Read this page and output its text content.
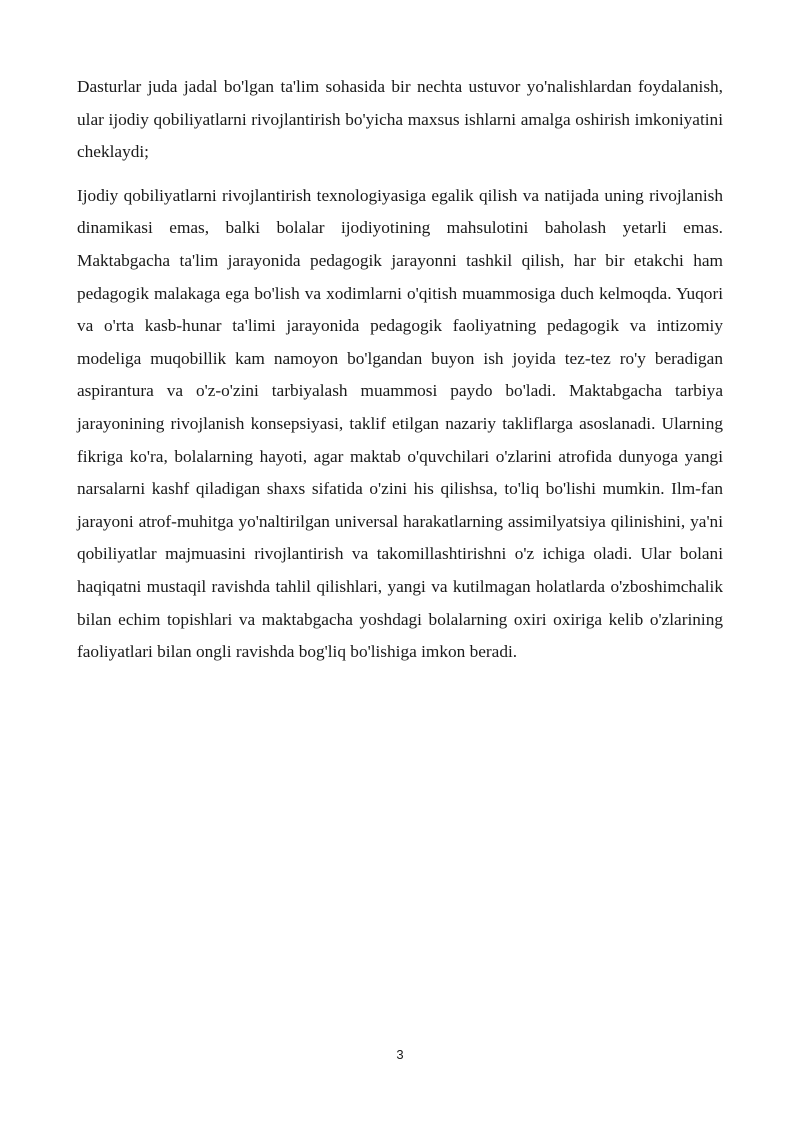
Dasturlar juda jadal bo'lgan ta'lim sohasida bir nechta ustuvor yo'nalishlardan foydalanish, ular ijodiy qobiliyatlarni rivojlantirish bo'yicha maxsus ishlarni amalga oshirish imkoniyatini cheklaydi;

Ijodiy qobiliyatlarni rivojlantirish texnologiyasiga egalik qilish va natijada uning rivojlanish dinamikasi emas, balki bolalar ijodiyotining mahsulotini baholash yetarli emas.  Maktabgacha ta'lim jarayonida pedagogik jarayonni tashkil qilish, har bir etakchi ham pedagogik malakaga ega bo'lish va xodimlarni o'qitish muammosiga duch kelmoqda. Yuqori va o'rta kasb-hunar ta'limi jarayonida pedagogik faoliyatning pedagogik va intizomiy modeliga muqobillik kam namoyon bo'lgandan buyon ish joyida tez-tez ro'y beradigan aspirantura va o'z-o'zini tarbiyalash muammosi paydo bo'ladi. Maktabgacha tarbiya jarayonining rivojlanish konsepsiyasi, taklif etilgan nazariy takliflarga asoslanadi. Ularning fikriga ko'ra, bolalarning hayoti, agar maktab o'quvchilari o'zlarini atrofida dunyoga yangi narsalarni kashf qiladigan shaxs sifatida o'zini his qilishsa, to'liq bo'lishi mumkin. Ilm-fan jarayoni atrof-muhitga yo'naltirilgan universal harakatlarning assimilyatsiya qilinishini, ya'ni qobiliyatlar majmuasini rivojlantirish va takomillashtirishni o'z ichiga oladi. Ular bolani haqiqatni mustaqil ravishda tahlil qilishlari, yangi va kutilmagan holatlarda o'zboshimchalik bilan echim topishlari va maktabgacha yoshdagi bolalarning oxiri oxiriga kelib o'zlarining faoliyatlari bilan ongli ravishda bog'liq bo'lishiga imkon beradi.

3
